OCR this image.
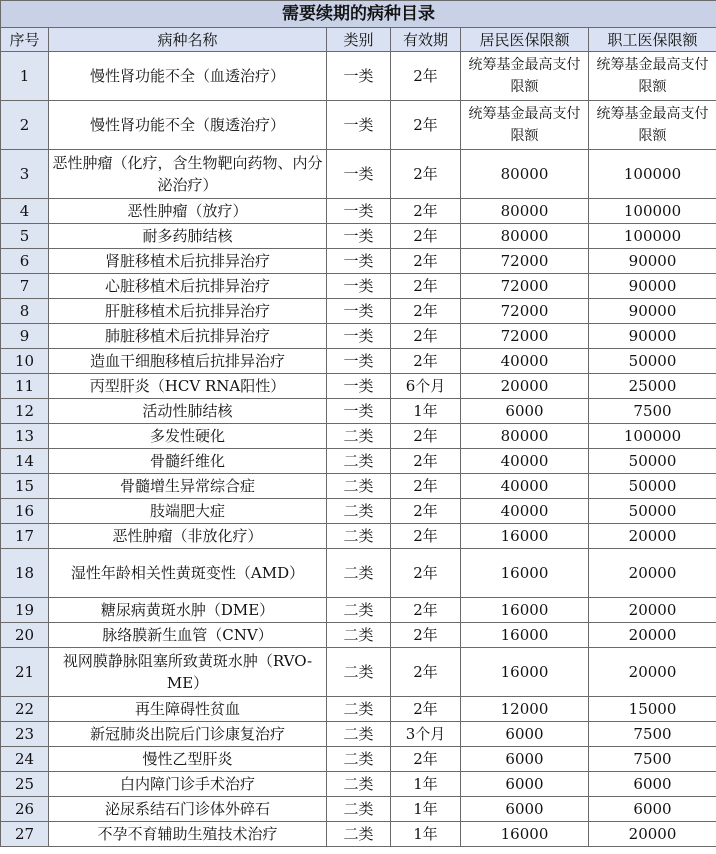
需要续期的病种目录					
序号	病种名称	类别	有效期	居民医保限额	职工医保限额
1	慢性肾功能不全（血透治疗）	一类	2年	统筹基金最高支付限额	统筹基金最高支付限额
2	慢性肾功能不全（腹透治疗）	一类	2年	统筹基金最高支付限额	统筹基金最高支付限额
3	恶性肿瘤（化疗，含生物靶向药物、内分泌治疗）	一类	2年	80000	100000
4	恶性肿瘤（放疗）	一类	2年	80000	100000
5	耐多药肺结核	一类	2年	80000	100000
6	肾脏移植术后抗排异治疗	一类	2年	72000	90000
7	心脏移植术后抗排异治疗	一类	2年	72000	90000
8	肝脏移植术后抗排异治疗	一类	2年	72000	90000
9	肺脏移植术后抗排异治疗	一类	2年	72000	90000
10	造血干细胞移植后抗排异治疗	一类	2年	40000	50000
11	丙型肝炎（HCV RNA阳性）	一类	6个月	20000	25000
12	活动性肺结核	一类	1年	6000	7500
13	多发性硬化	二类	2年	80000	100000
14	骨髓纤维化	二类	2年	40000	50000
15	骨髓增生异常综合症	二类	2年	40000	50000
16	肢端肥大症	二类	2年	40000	50000
17	恶性肿瘤（非放化疗）	二类	2年	16000	20000
18	湿性年龄相关性黄斑变性（AMD）	二类	2年	16000	20000
19	糖尿病黄斑水肿（DME）	二类	2年	16000	20000
20	脉络膜新生血管（CNV）	二类	2年	16000	20000
21	视网膜静脉阻塞所致黄斑水肿（RVO-ME）	二类	2年	16000	20000
22	再生障碍性贫血	二类	2年	12000	15000
23	新冠肺炎出院后门诊康复治疗	二类	3个月	6000	7500
24	慢性乙型肝炎	二类	2年	6000	7500
25	白内障门诊手术治疗	二类	1年	6000	6000
26	泌尿系结石门诊体外碎石	二类	1年	6000	6000
27	不孕不育辅助生殖技术治疗	二类	1年	16000	20000
